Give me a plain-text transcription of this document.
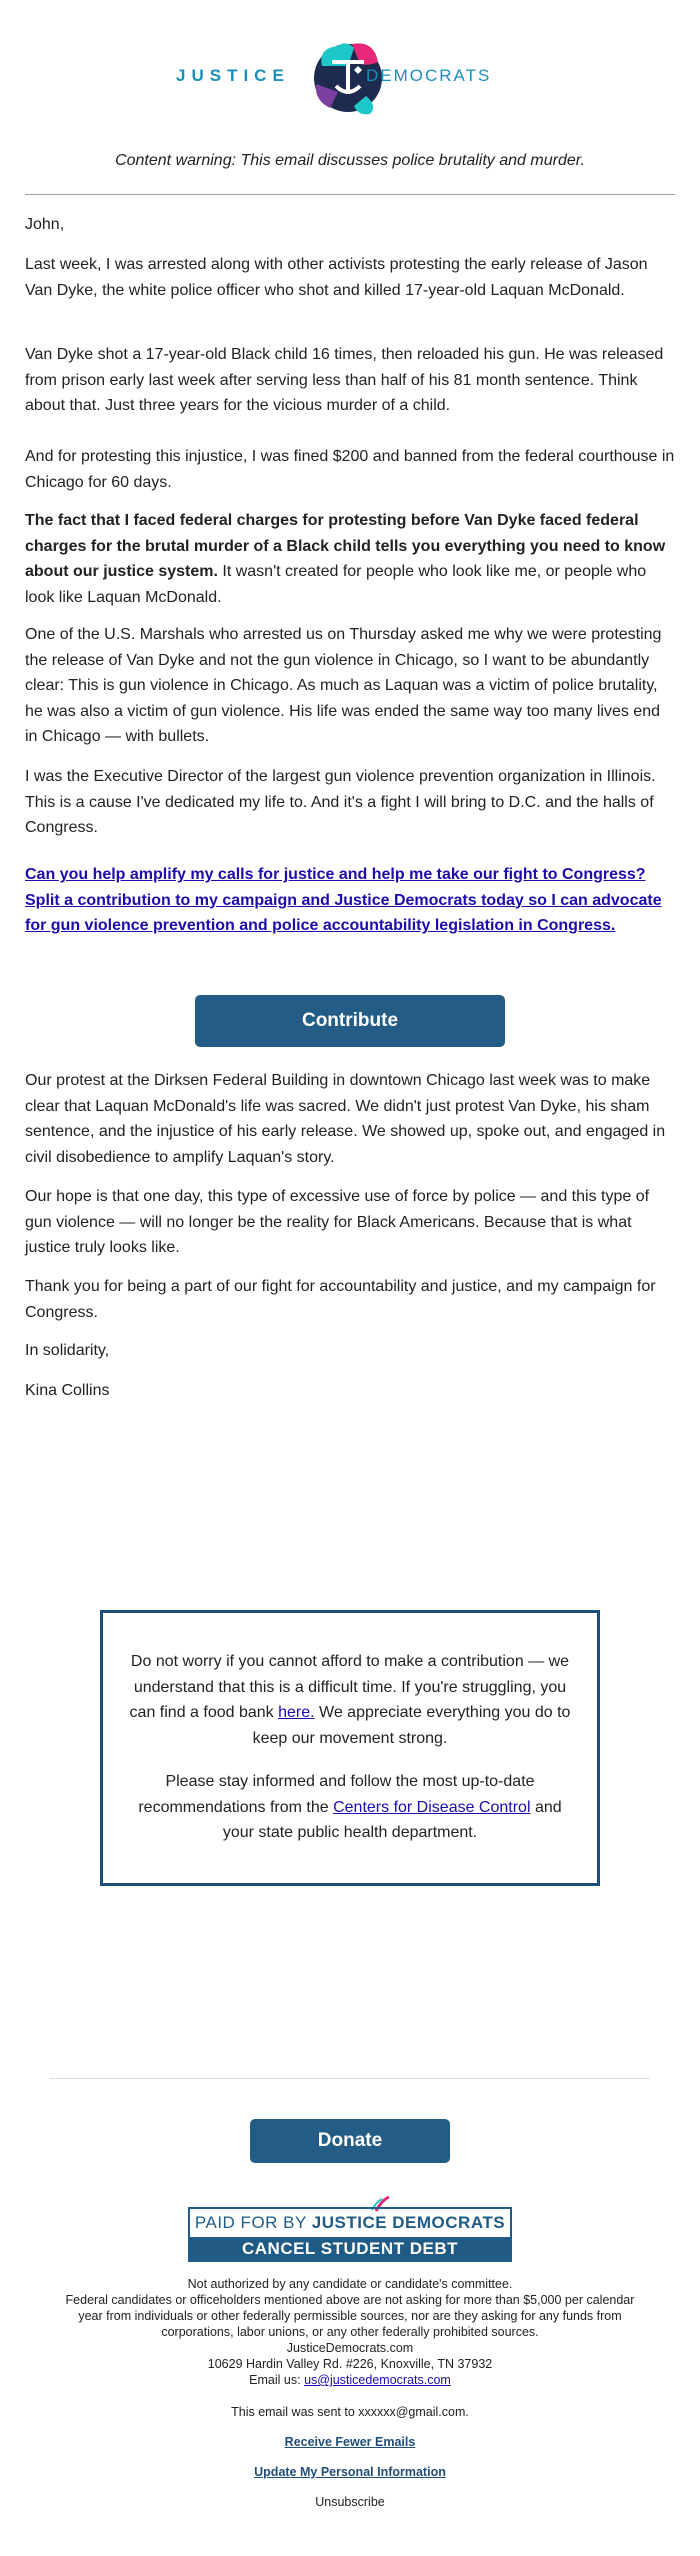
JUSTICE	DEMOCRATS
Content warning: This email discusses police brutality and murder.
John,
Last week, I was arrested along with other activists protesting the early release of Jason Van Dyke, the white police officer who shot and killed 17-year-old Laquan McDonald.
Van Dyke shot a 17-year-old Black child 16 times, then reloaded his gun. He was released from prison early last week after serving less than half of his 81 month sentence. Think about that. Just three years for the vicious murder of a child.
And for protesting this injustice, I was fined $200 and banned from the federal courthouse in Chicago for 60 days.
The fact that I faced federal charges for protesting before Van Dyke faced federal charges for the brutal murder of a Black child tells you everything you need to know about our justice system. It wasn't created for people who look like me, or people who look like Laquan McDonald.
One of the U.S. Marshals who arrested us on Thursday asked me why we were protesting the release of Van Dyke and not the gun violence in Chicago, so I want to be abundantly clear: This is gun violence in Chicago. As much as Laquan was a victim of police brutality, he was also a victim of gun violence. His life was ended the same way too many lives end in Chicago — with bullets.
I was the Executive Director of the largest gun violence prevention organization in Illinois. This is a cause I've dedicated my life to. And it's a fight I will bring to D.C. and the halls of Congress.
Can you help amplify my calls for justice and help me take our fight to Congress? Split a contribution to my campaign and Justice Democrats today so I can advocate for gun violence prevention and police accountability legislation in Congress.
Contribute
Our protest at the Dirksen Federal Building in downtown Chicago last week was to make clear that Laquan McDonald's life was sacred. We didn't just protest Van Dyke, his sham sentence, and the injustice of his early release. We showed up, spoke out, and engaged in civil disobedience to amplify Laquan's story.
Our hope is that one day, this type of excessive use of force by police — and this type of gun violence — will no longer be the reality for Black Americans. Because that is what justice truly looks like.
Thank you for being a part of our fight for accountability and justice, and my campaign for Congress.
In solidarity,
Kina Collins
Do not worry if you cannot afford to make a contribution — we understand that this is a difficult time. If you're struggling, you can find a food bank here. We appreciate everything you do to keep our movement strong.
Please stay informed and follow the most up-to-date recommendations from the Centers for Disease Control and your state public health department.
Donate
PAID FOR BY JUSTICE DEMOCRATS
CANCEL STUDENT DEBT
Not authorized by any candidate or candidate's committee.
Federal candidates or officeholders mentioned above are not asking for more than $5,000 per calendar
year from individuals or other federally permissible sources, nor are they asking for any funds from
corporations, labor unions, or any other federally prohibited sources.
JusticeDemocrats.com
10629 Hardin Valley Rd. #226, Knoxville, TN 37932
Email us: us@justicedemocrats.com
This email was sent to xxxxxx@gmail.com.
Receive Fewer Emails
Update My Personal Information
Unsubscribe
